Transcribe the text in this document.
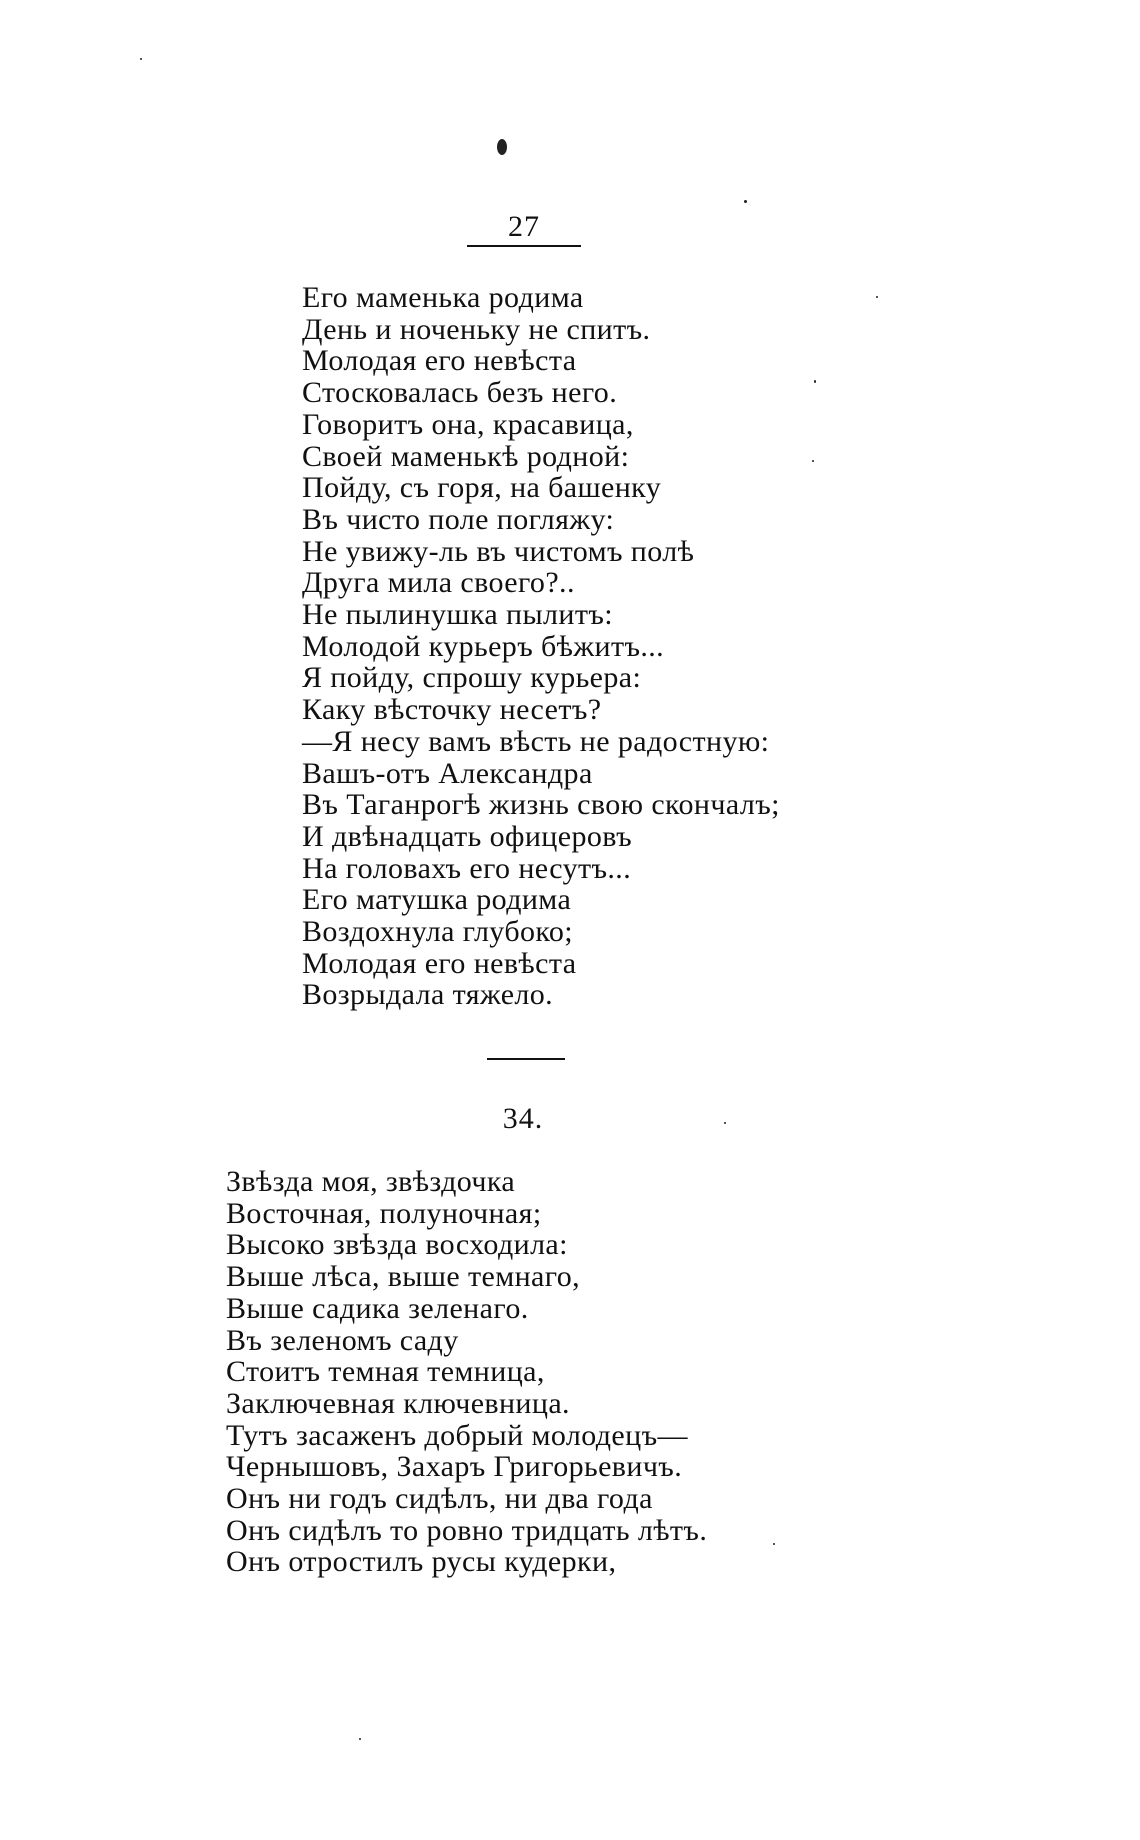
27
Его маменька родима
День и ноченьку не спитъ.
Молодая его невѣста
Стосковалась безъ него.
Говоритъ она, красавица,
Своей маменькѣ родной:
Пойду, съ горя, на башенку
Въ чисто поле погляжу:
Не увижу-ль въ чистомъ полѣ
Друга мила своего?..
Не пылинушка пылитъ:
Молодой курьеръ бѣжитъ...
Я пойду, спрошу курьера:
Каку вѣсточку несетъ?
—Я несу вамъ вѣсть не радостную:
Вашъ-отъ Александра
Въ Таганрогѣ жизнь свою скончалъ;
И двѣнадцать офицеровъ
На головахъ его несутъ...
Его матушка родима
Воздохнула глубоко;
Молодая его невѣста
Возрыдала тяжело.
34.
Звѣзда моя, звѣздочка
Восточная, полуночная;
Высоко звѣзда восходила:
Выше лѣса, выше темнаго,
Выше садика зеленаго.
Въ зеленомъ саду
Стоитъ темная темница,
Заключевная ключевница.
Тутъ засаженъ добрый молодецъ—
Чернышовъ, Захаръ Григорьевичъ.
Онъ ни годъ сидѣлъ, ни два года
Онъ сидѣлъ то ровно тридцать лѣтъ.
Онъ отростилъ русы кудерки,
